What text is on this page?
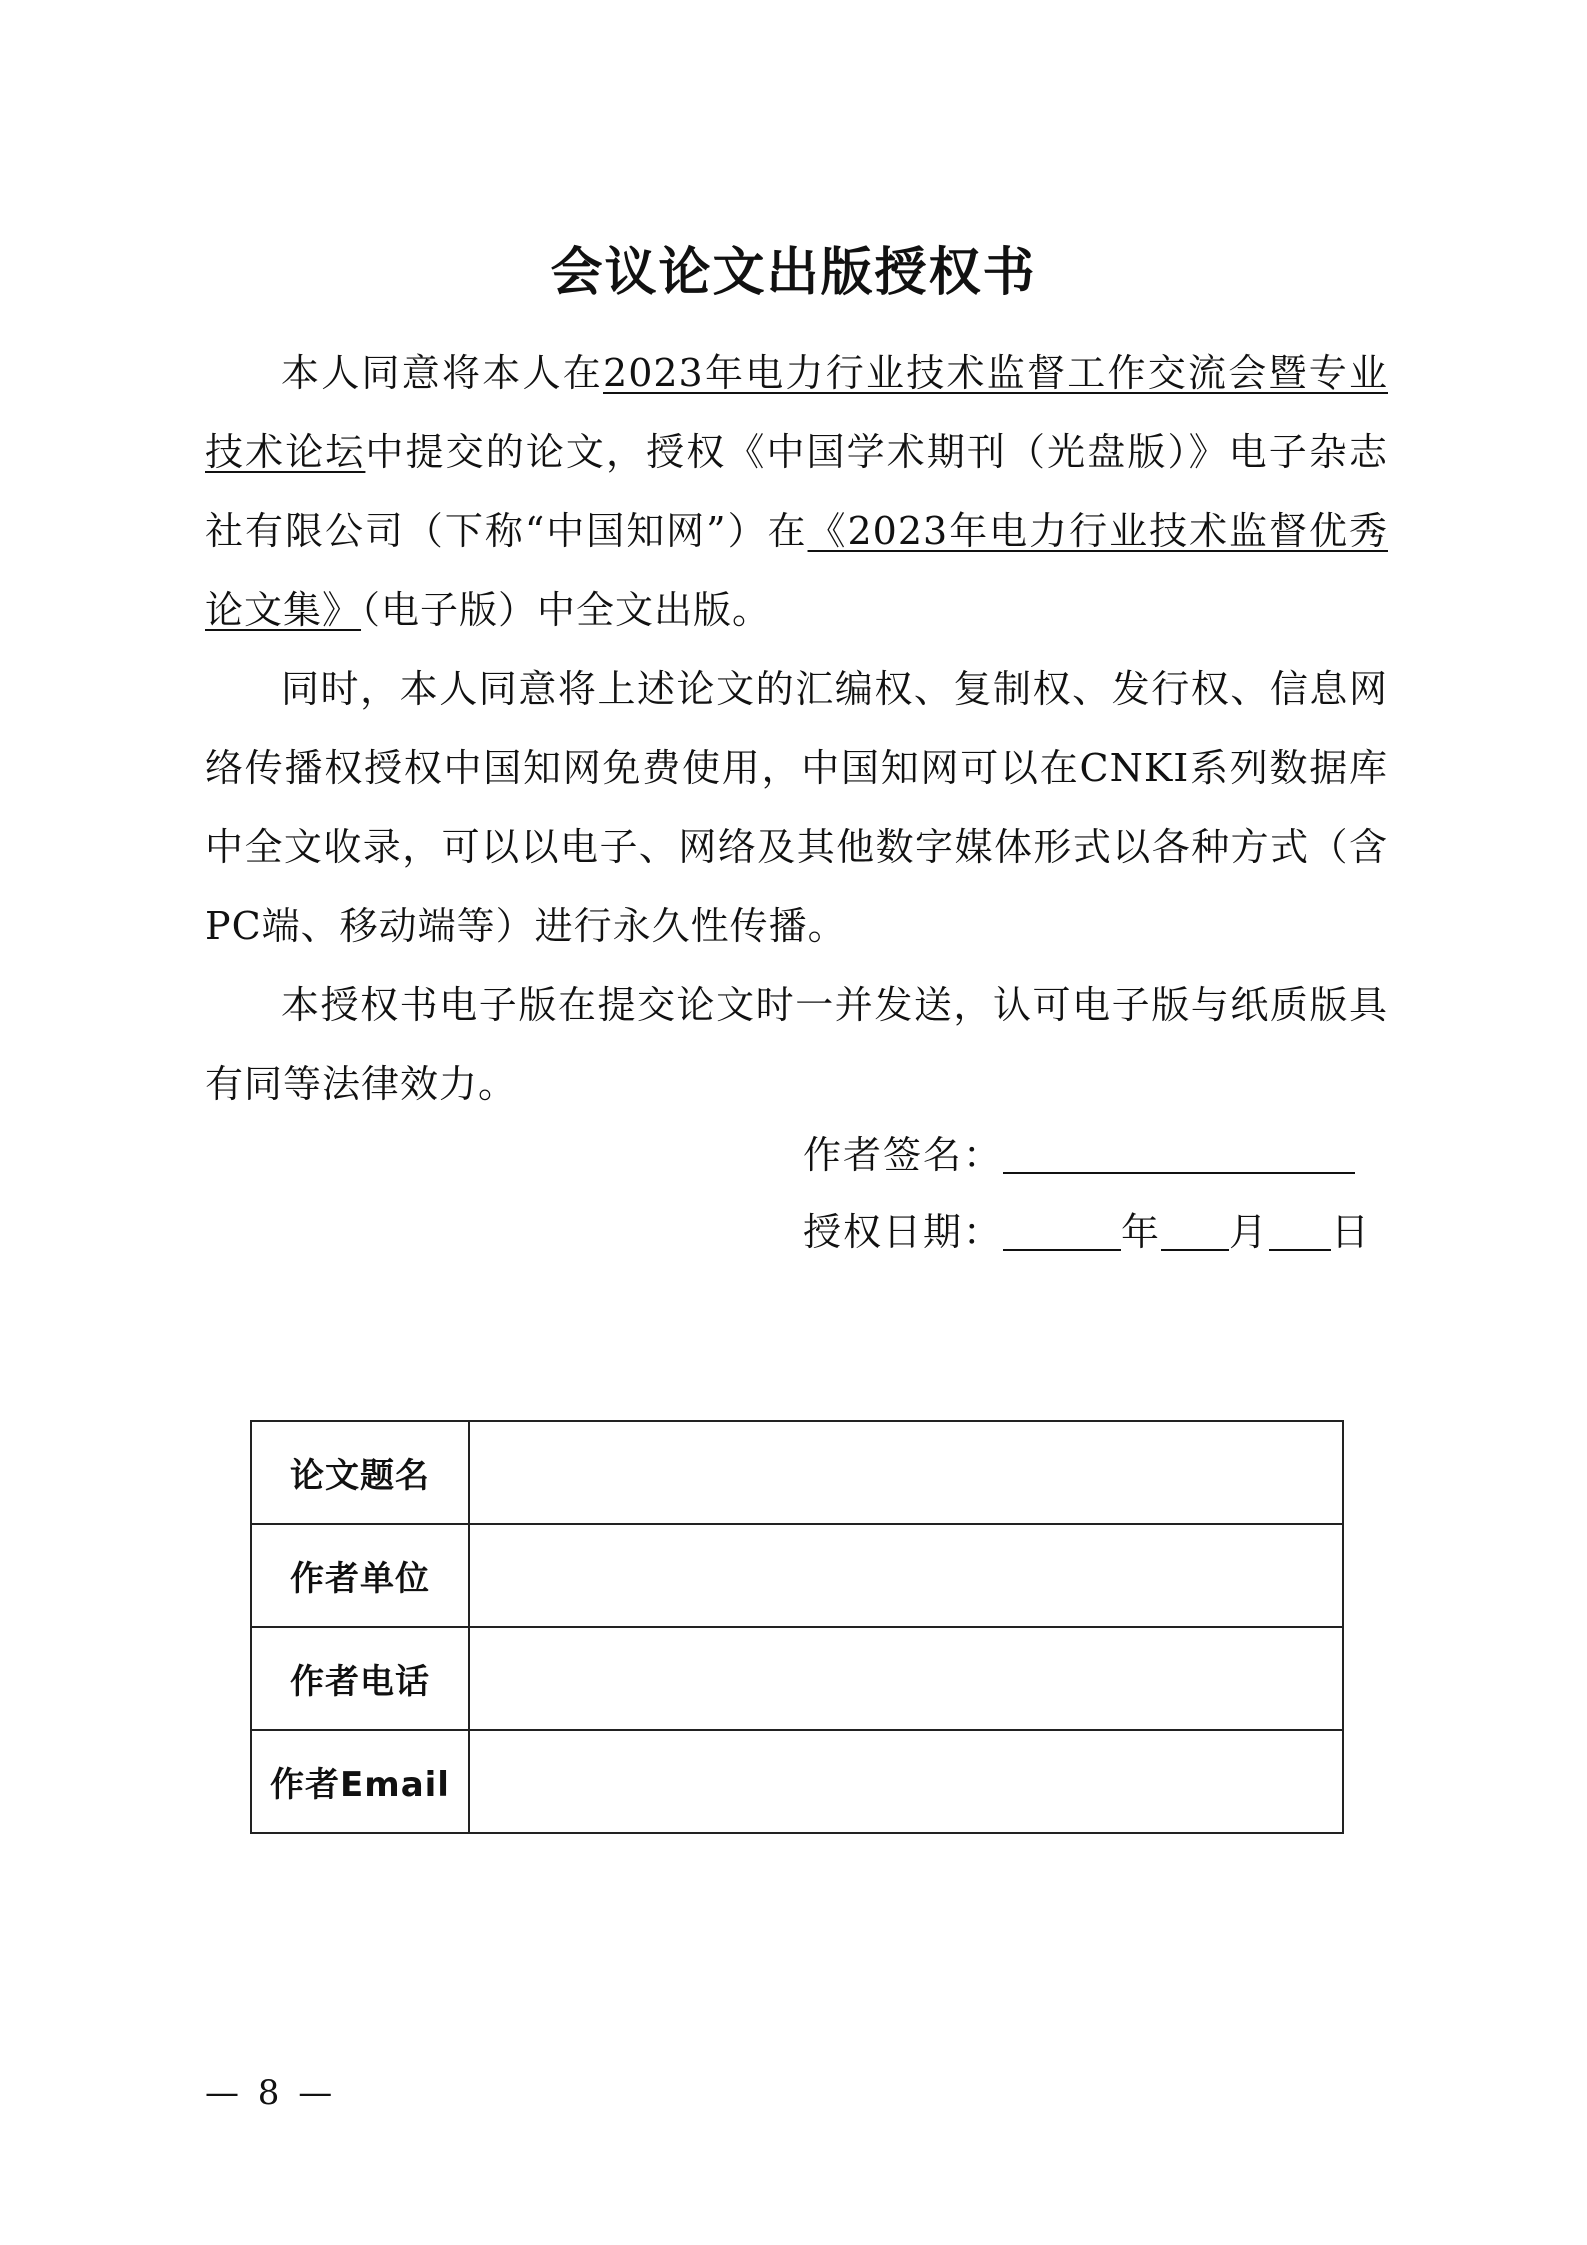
会议论文出版授权书

本人同意将本人在2023年电力行业技术监督工作交流会暨专业技术论坛中提交的论文，授权《中国学术期刊（光盘版）》电子杂志社有限公司（下称“中国知网”）在《2023年电力行业技术监督优秀论文集》（电子版）中全文出版。

同时，本人同意将上述论文的汇编权、复制权、发行权、信息网络传播权授权中国知网免费使用，中国知网可以在CNKI系列数据库中全文收录，可以以电子、网络及其他数字媒体形式以各种方式（含PC端、移动端等）进行永久性传播。

本授权书电子版在提交论文时一并发送，认可电子版与纸质版具有同等法律效力。

作者签名：
授权日期：	年 月 日
论文题名	
作者单位	
作者电话	
作者Email	
— 8 —
